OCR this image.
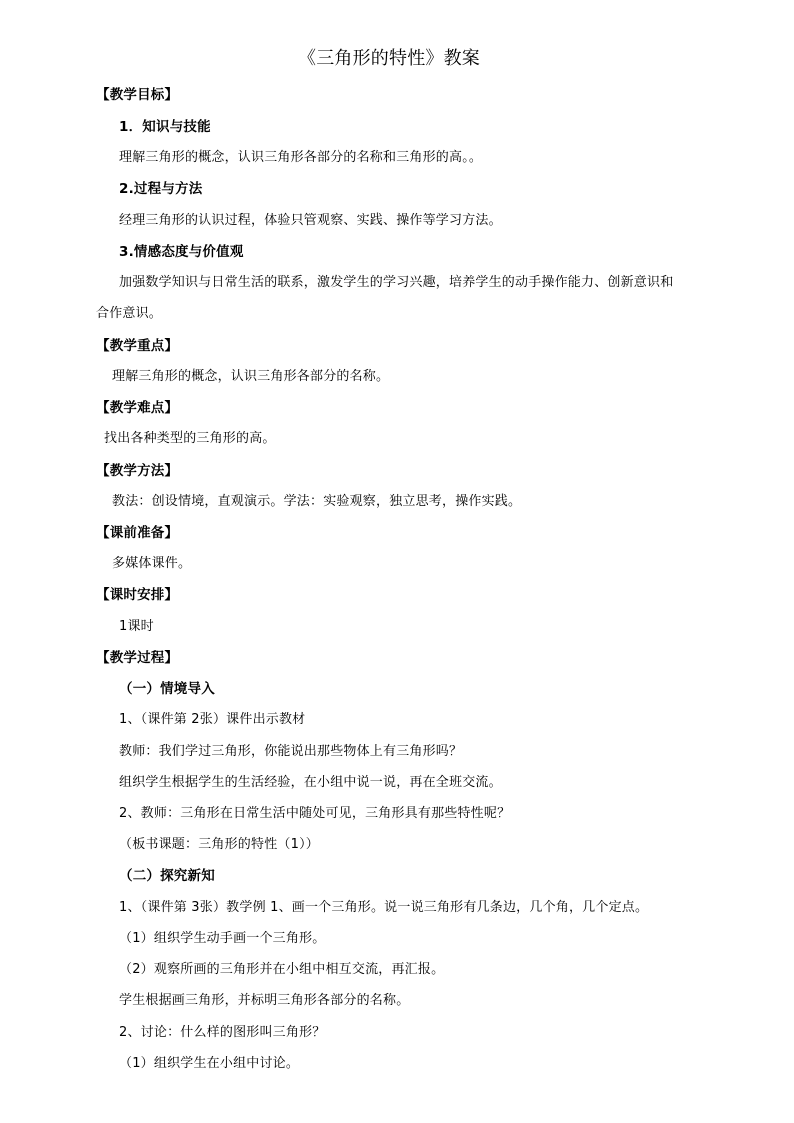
《三角形的特性》教案
【教学目标】
1．知识与技能
理解三角形的概念，认识三角形各部分的名称和三角形的高。。
2.过程与方法
经理三角形的认识过程，体验只管观察、实践、操作等学习方法。
3.情感态度与价值观
加强数学知识与日常生活的联系，激发学生的学习兴趣，培养学生的动手操作能力、创新意识和
合作意识。
【教学重点】
理解三角形的概念，认识三角形各部分的名称。
【教学难点】
找出各种类型的三角形的高。
【教学方法】
教法：创设情境，直观演示。学法：实验观察，独立思考，操作实践。
【课前准备】
多媒体课件。
【课时安排】
1课时
【教学过程】
（一）情境导入
1、（课件第 2张）课件出示教材
教师：我们学过三角形，你能说出那些物体上有三角形吗？
组织学生根据学生的生活经验，在小组中说一说，再在全班交流。
2、教师：三角形在日常生活中随处可见，三角形具有那些特性呢？
（板书课题：三角形的特性（1））
（二）探究新知
1、（课件第 3张）教学例 1、画一个三角形。说一说三角形有几条边，几个角，几个定点。
（1）组织学生动手画一个三角形。
（2）观察所画的三角形并在小组中相互交流，再汇报。
学生根据画三角形，并标明三角形各部分的名称。
2、讨论：什么样的图形叫三角形？
（1）组织学生在小组中讨论。
